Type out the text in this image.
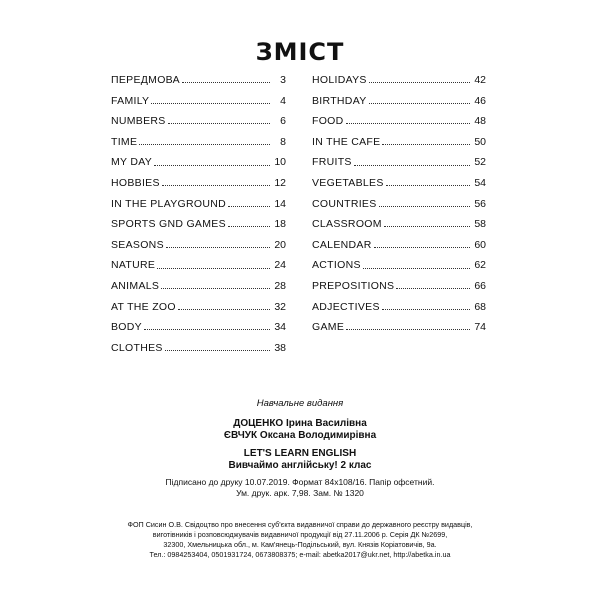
ЗМІСТ
ПЕРЕДМОВА	3
FAMILY	4
NUMBERS	6
TIME	8
MY DAY	10
HOBBIES	12
IN THE PLAYGROUND	14
SPORTS GND GAMES	18
SEASONS	20
NATURE	24
ANIMALS	28
AT THE ZOO	32
BODY	34
CLOTHES	38
HOLIDAYS	42
BIRTHDAY	46
FOOD	48
IN THE CAFE	50
FRUITS	52
VEGETABLES	54
COUNTRIES	56
CLASSROOM	58
CALENDAR	60
ACTIONS	62
PREPOSITIONS	66
ADJECTIVES	68
GAME	74
Навчальне видання
ДОЦЕНКО Ірина Василівна
ЄВЧУК Оксана Володимирівна
LET'S LEARN ENGLISH
Вивчаймо англійську! 2 клас
Підписано до друку 10.07.2019. Формат 84х108/16. Папір офсетний.
Ум. друк. арк. 7,98. Зам. № 1320
ФОП Сисин О.В. Свідоцтво про внесення суб'єкта видавничої справи до державного реєстру видавців,
виготівників і розповсюджувачів видавничої продукції від 27.11.2006 р. Серія ДК №2699,
32300, Хмельницька обл., м. Кам'янець-Подільський, вул. Князів Коріатовичів, 9а.
Тел.: 0984253404, 0501931724, 0673808375; e-mail: abetka2017@ukr.net, http://abetka.in.ua
